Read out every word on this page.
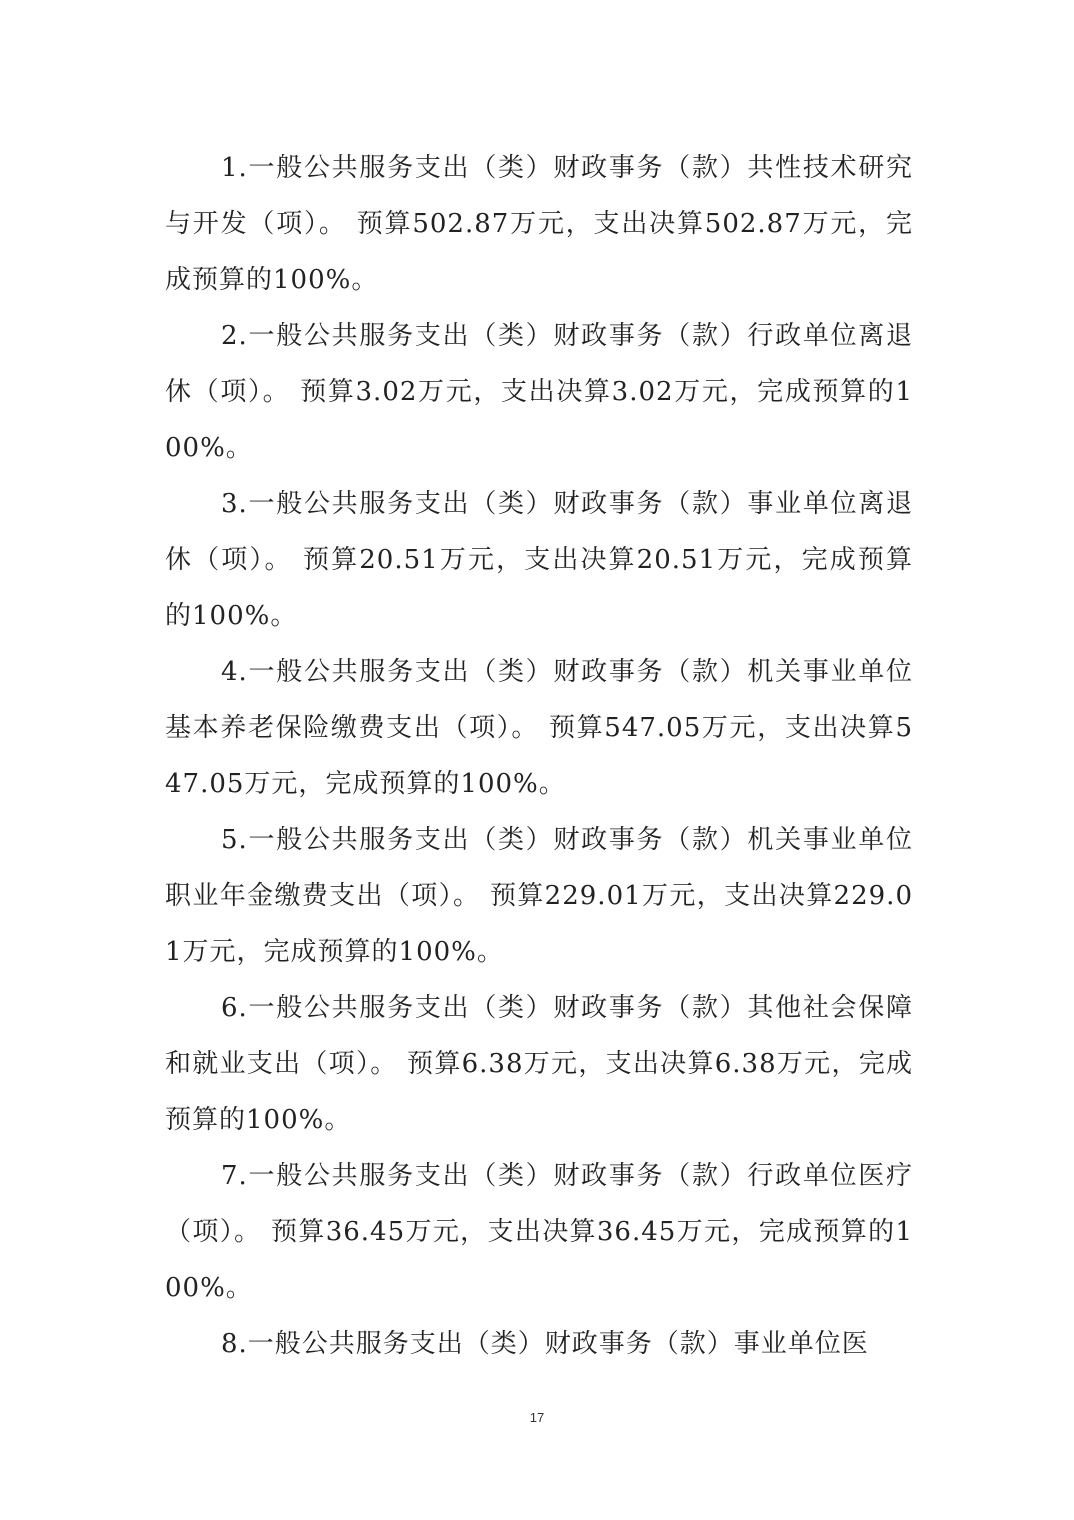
1.一般公共服务支出（类）财政事务（款）共性技术研究与开发（项）。 预算502.87万元，支出决算502.87万元，完成预算的100%。

2.一般公共服务支出（类）财政事务（款）行政单位离退休（项）。 预算3.02万元，支出决算3.02万元，完成预算的100%。

3.一般公共服务支出（类）财政事务（款）事业单位离退休（项）。 预算20.51万元，支出决算20.51万元，完成预算的100%。

4.一般公共服务支出（类）财政事务（款）机关事业单位基本养老保险缴费支出（项）。 预算547.05万元，支出决算547.05万元，完成预算的100%。

5.一般公共服务支出（类）财政事务（款）机关事业单位职业年金缴费支出（项）。 预算229.01万元，支出决算229.01万元，完成预算的100%。

6.一般公共服务支出（类）财政事务（款）其他社会保障和就业支出（项）。 预算6.38万元，支出决算6.38万元，完成预算的100%。

7.一般公共服务支出（类）财政事务（款）行政单位医疗（项）。 预算36.45万元，支出决算36.45万元，完成预算的100%。

8.一般公共服务支出（类）财政事务（款）事业单位医

17
